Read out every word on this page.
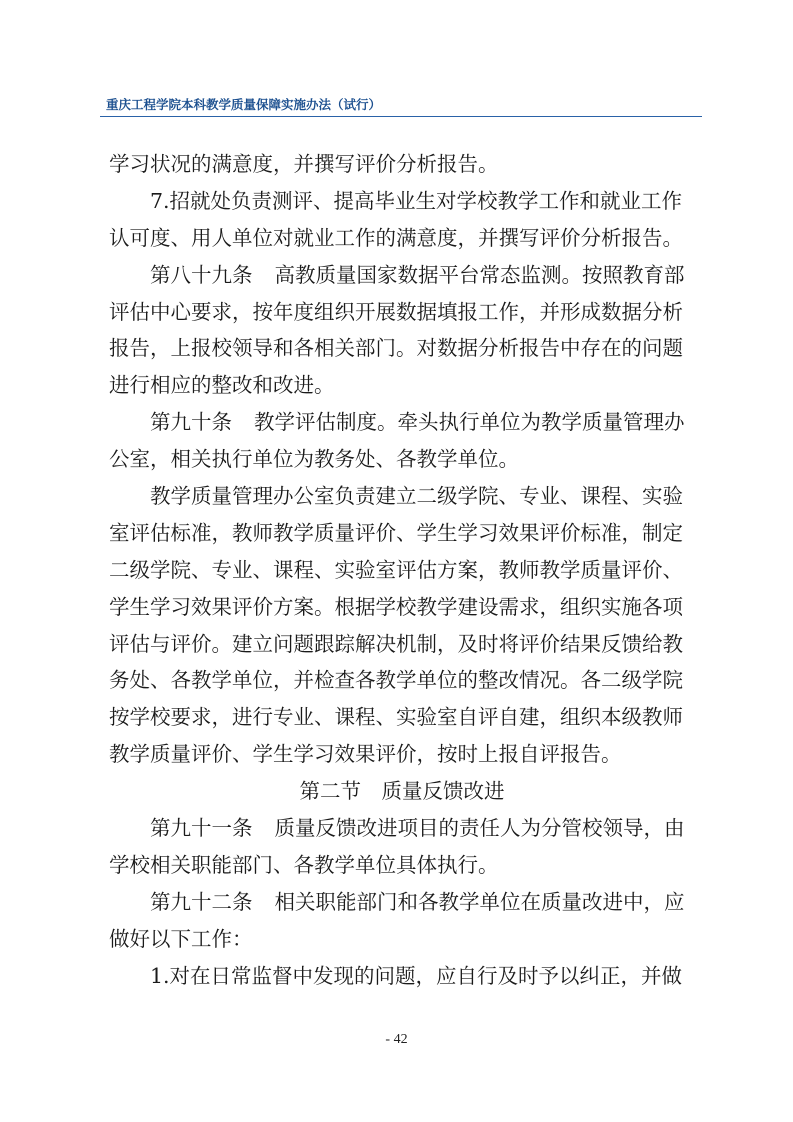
重庆工程学院本科教学质量保障实施办法（试行）
学习状况的满意度，并撰写评价分析报告。
7.招就处负责测评、提高毕业生对学校教学工作和就业工作
认可度、用人单位对就业工作的满意度，并撰写评价分析报告。
第八十九条 高教质量国家数据平台常态监测。按照教育部
评估中心要求，按年度组织开展数据填报工作，并形成数据分析
报告，上报校领导和各相关部门。对数据分析报告中存在的问题
进行相应的整改和改进。
第九十条 教学评估制度。牵头执行单位为教学质量管理办
公室，相关执行单位为教务处、各教学单位。
教学质量管理办公室负责建立二级学院、专业、课程、实验
室评估标准，教师教学质量评价、学生学习效果评价标准，制定
二级学院、专业、课程、实验室评估方案，教师教学质量评价、
学生学习效果评价方案。根据学校教学建设需求，组织实施各项
评估与评价。建立问题跟踪解决机制，及时将评价结果反馈给教
务处、各教学单位，并检查各教学单位的整改情况。各二级学院
按学校要求，进行专业、课程、实验室自评自建，组织本级教师
教学质量评价、学生学习效果评价，按时上报自评报告。
第二节　质量反馈改进
第九十一条 质量反馈改进项目的责任人为分管校领导，由
学校相关职能部门、各教学单位具体执行。
第九十二条 相关职能部门和各教学单位在质量改进中，应
做好以下工作：
1.对在日常监督中发现的问题，应自行及时予以纠正，并做
- 42
